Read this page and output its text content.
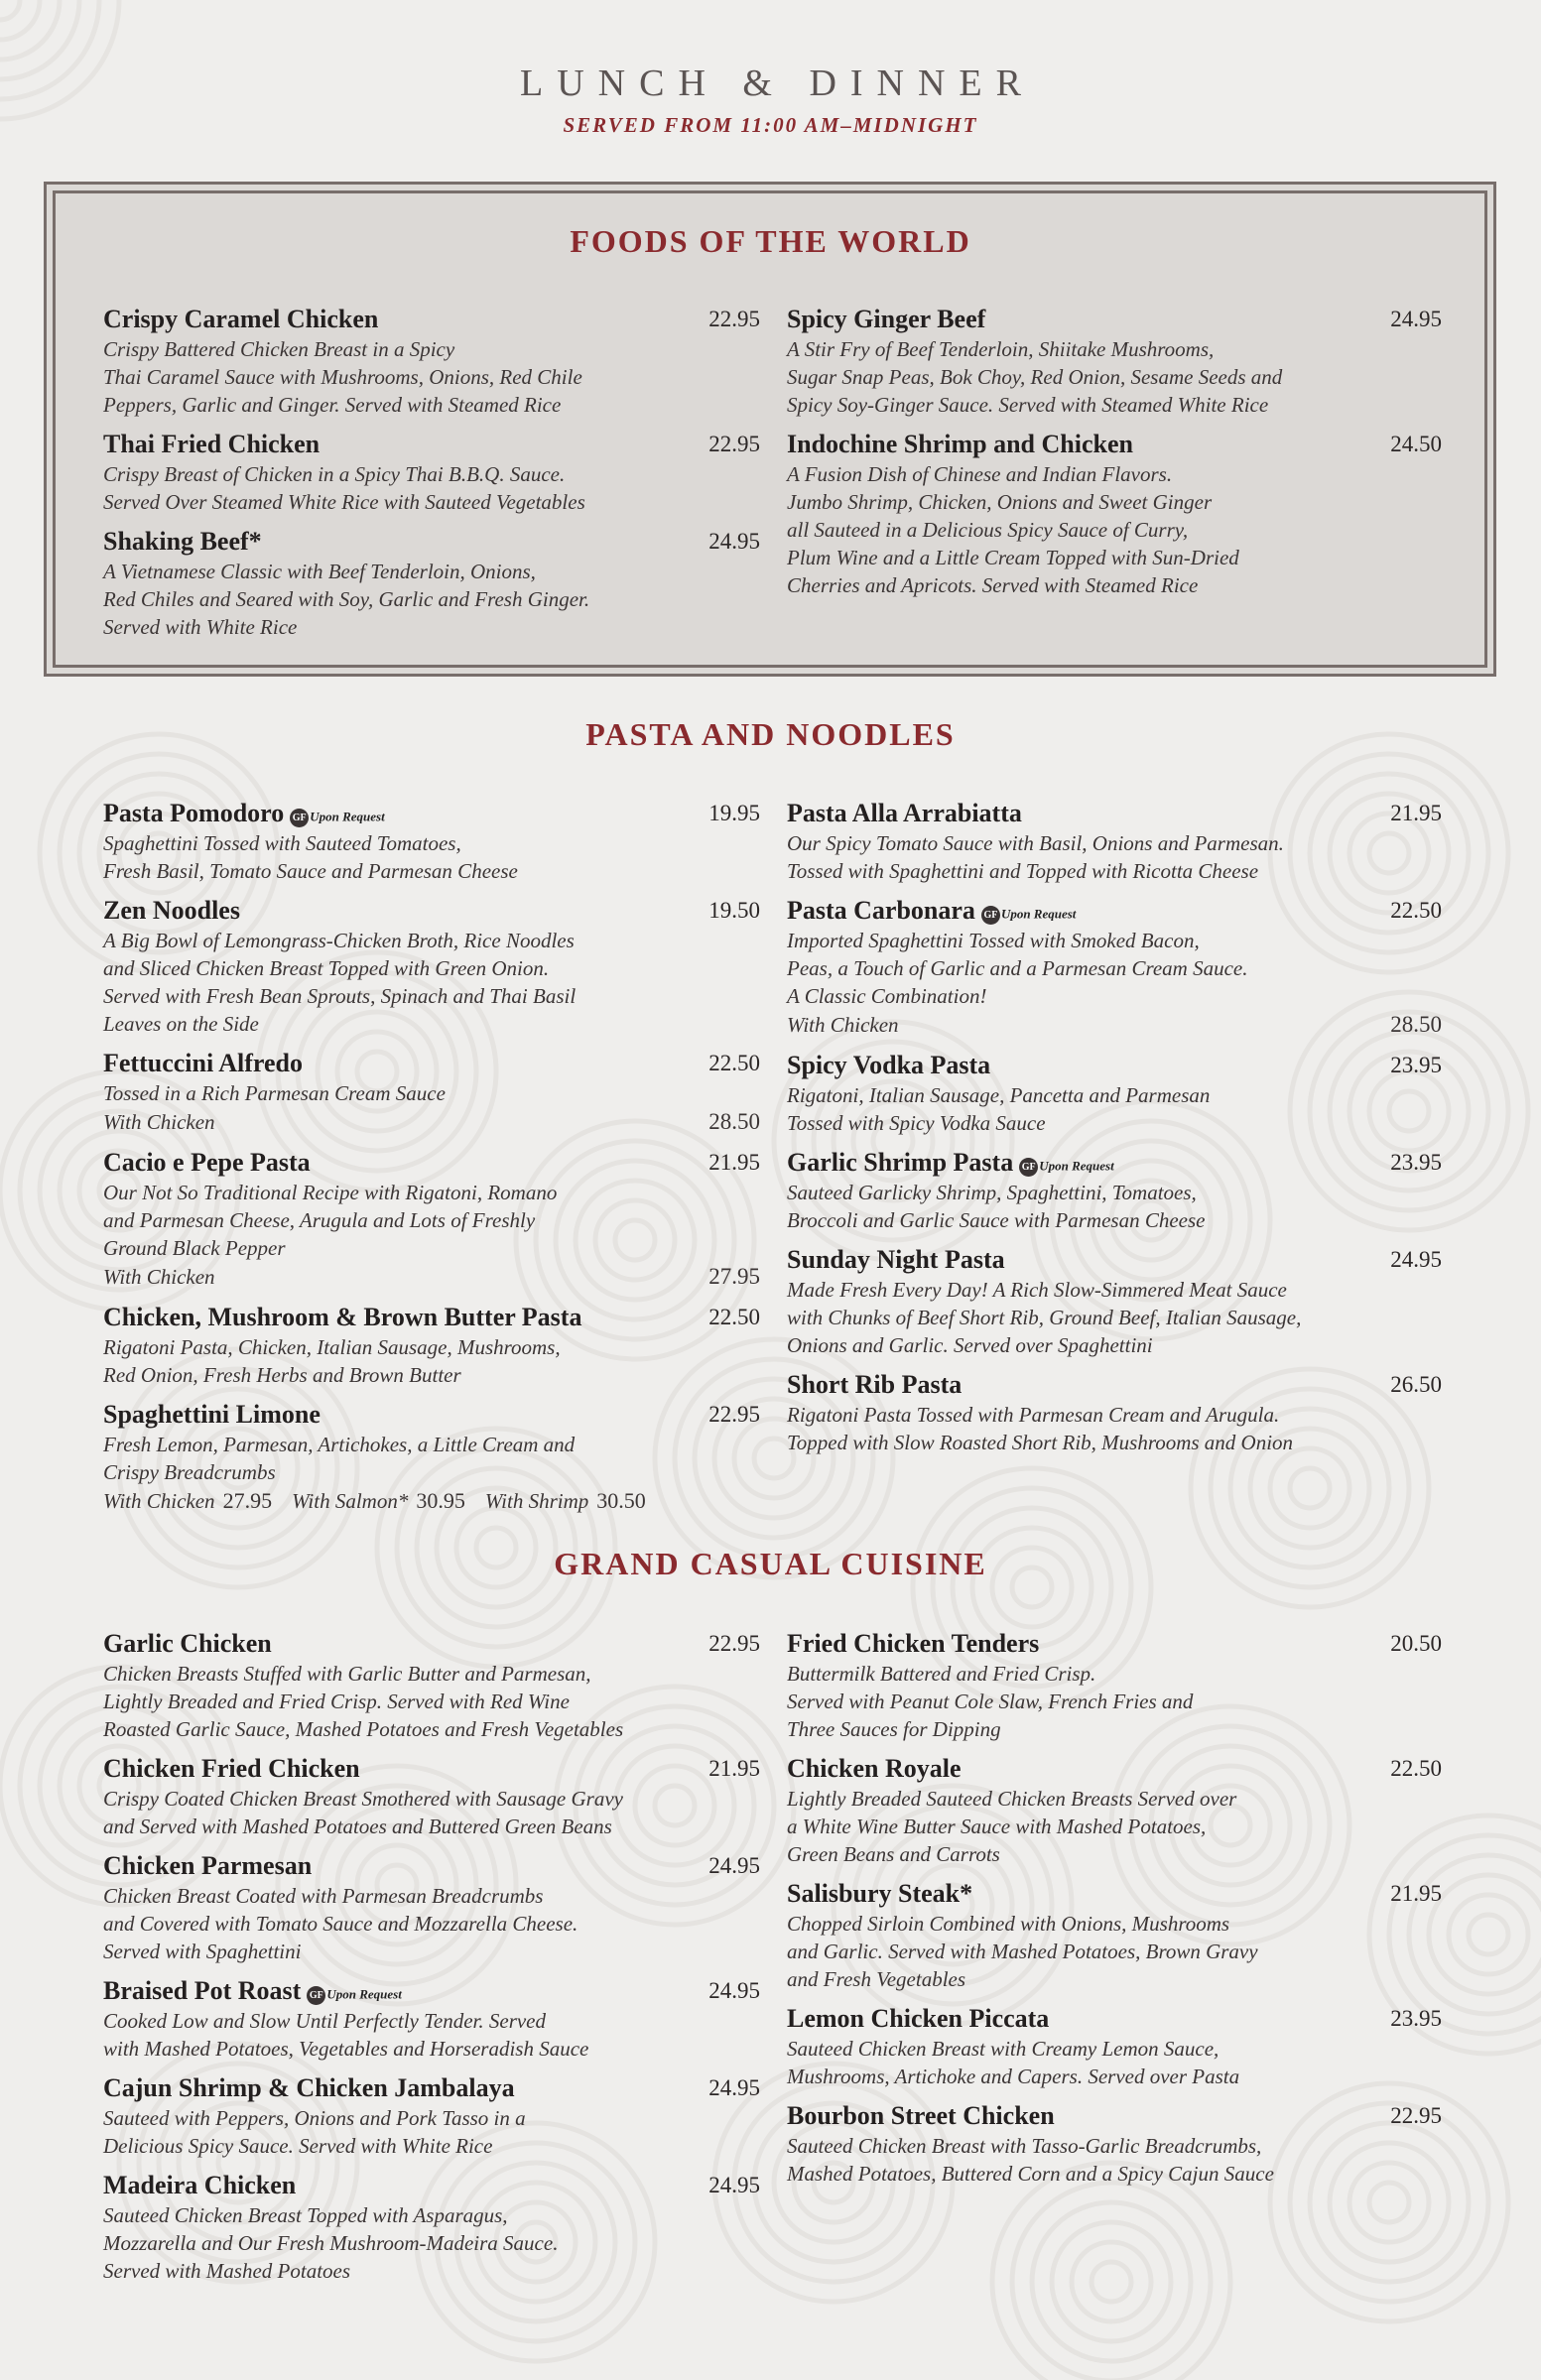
LUNCH & DINNER
SERVED FROM 11:00 AM–MIDNIGHT
FOODS OF THE WORLD
Crispy Caramel Chicken	22.95
Crispy Battered Chicken Breast in a Spicy
Thai Caramel Sauce with Mushrooms, Onions, Red Chile
Peppers, Garlic and Ginger. Served with Steamed Rice
Thai Fried Chicken	22.95
Crispy Breast of Chicken in a Spicy Thai B.B.Q. Sauce.
Served Over Steamed White Rice with Sauteed Vegetables
Shaking Beef*	24.95
A Vietnamese Classic with Beef Tenderloin, Onions,
Red Chiles and Seared with Soy, Garlic and Fresh Ginger.
Served with White Rice
Spicy Ginger Beef	24.95
A Stir Fry of Beef Tenderloin, Shiitake Mushrooms,
Sugar Snap Peas, Bok Choy, Red Onion, Sesame Seeds and
Spicy Soy-Ginger Sauce. Served with Steamed White Rice
Indochine Shrimp and Chicken	24.50
A Fusion Dish of Chinese and Indian Flavors.
Jumbo Shrimp, Chicken, Onions and Sweet Ginger
all Sauteed in a Delicious Spicy Sauce of Curry,
Plum Wine and a Little Cream Topped with Sun-Dried
Cherries and Apricots. Served with Steamed Rice
PASTA AND NOODLES
Pasta Pomodoro GF Upon Request	19.95
Spaghettini Tossed with Sauteed Tomatoes,
Fresh Basil, Tomato Sauce and Parmesan Cheese
Zen Noodles	19.50
A Big Bowl of Lemongrass-Chicken Broth, Rice Noodles
and Sliced Chicken Breast Topped with Green Onion.
Served with Fresh Bean Sprouts, Spinach and Thai Basil
Leaves on the Side
Fettuccini Alfredo	22.50
Tossed in a Rich Parmesan Cream Sauce
With Chicken	28.50
Cacio e Pepe Pasta	21.95
Our Not So Traditional Recipe with Rigatoni, Romano
and Parmesan Cheese, Arugula and Lots of Freshly
Ground Black Pepper
With Chicken	27.95
Chicken, Mushroom & Brown Butter Pasta	22.50
Rigatoni Pasta, Chicken, Italian Sausage, Mushrooms,
Red Onion, Fresh Herbs and Brown Butter
Spaghettini Limone	22.95
Fresh Lemon, Parmesan, Artichokes, a Little Cream and
Crispy Breadcrumbs
With Chicken 27.95 With Salmon* 30.95 With Shrimp 30.50
Pasta Alla Arrabiatta	21.95
Our Spicy Tomato Sauce with Basil, Onions and Parmesan.
Tossed with Spaghettini and Topped with Ricotta Cheese
Pasta Carbonara GF Upon Request	22.50
Imported Spaghettini Tossed with Smoked Bacon,
Peas, a Touch of Garlic and a Parmesan Cream Sauce.
A Classic Combination!
With Chicken	28.50
Spicy Vodka Pasta	23.95
Rigatoni, Italian Sausage, Pancetta and Parmesan
Tossed with Spicy Vodka Sauce
Garlic Shrimp Pasta GF Upon Request	23.95
Sauteed Garlicky Shrimp, Spaghettini, Tomatoes,
Broccoli and Garlic Sauce with Parmesan Cheese
Sunday Night Pasta	24.95
Made Fresh Every Day! A Rich Slow-Simmered Meat Sauce
with Chunks of Beef Short Rib, Ground Beef, Italian Sausage,
Onions and Garlic. Served over Spaghettini
Short Rib Pasta	26.50
Rigatoni Pasta Tossed with Parmesan Cream and Arugula.
Topped with Slow Roasted Short Rib, Mushrooms and Onion
GRAND CASUAL CUISINE
Garlic Chicken	22.95
Chicken Breasts Stuffed with Garlic Butter and Parmesan,
Lightly Breaded and Fried Crisp. Served with Red Wine
Roasted Garlic Sauce, Mashed Potatoes and Fresh Vegetables
Chicken Fried Chicken	21.95
Crispy Coated Chicken Breast Smothered with Sausage Gravy
and Served with Mashed Potatoes and Buttered Green Beans
Chicken Parmesan	24.95
Chicken Breast Coated with Parmesan Breadcrumbs
and Covered with Tomato Sauce and Mozzarella Cheese.
Served with Spaghettini
Braised Pot Roast GF Upon Request	24.95
Cooked Low and Slow Until Perfectly Tender. Served
with Mashed Potatoes, Vegetables and Horseradish Sauce
Cajun Shrimp & Chicken Jambalaya	24.95
Sauteed with Peppers, Onions and Pork Tasso in a
Delicious Spicy Sauce. Served with White Rice
Madeira Chicken	24.95
Sauteed Chicken Breast Topped with Asparagus,
Mozzarella and Our Fresh Mushroom-Madeira Sauce.
Served with Mashed Potatoes
Fried Chicken Tenders	20.50
Buttermilk Battered and Fried Crisp.
Served with Peanut Cole Slaw, French Fries and
Three Sauces for Dipping
Chicken Royale	22.50
Lightly Breaded Sauteed Chicken Breasts Served over
a White Wine Butter Sauce with Mashed Potatoes,
Green Beans and Carrots
Salisbury Steak*	21.95
Chopped Sirloin Combined with Onions, Mushrooms
and Garlic. Served with Mashed Potatoes, Brown Gravy
and Fresh Vegetables
Lemon Chicken Piccata	23.95
Sauteed Chicken Breast with Creamy Lemon Sauce,
Mushrooms, Artichoke and Capers. Served over Pasta
Bourbon Street Chicken	22.95
Sauteed Chicken Breast with Tasso-Garlic Breadcrumbs,
Mashed Potatoes, Buttered Corn and a Spicy Cajun Sauce
